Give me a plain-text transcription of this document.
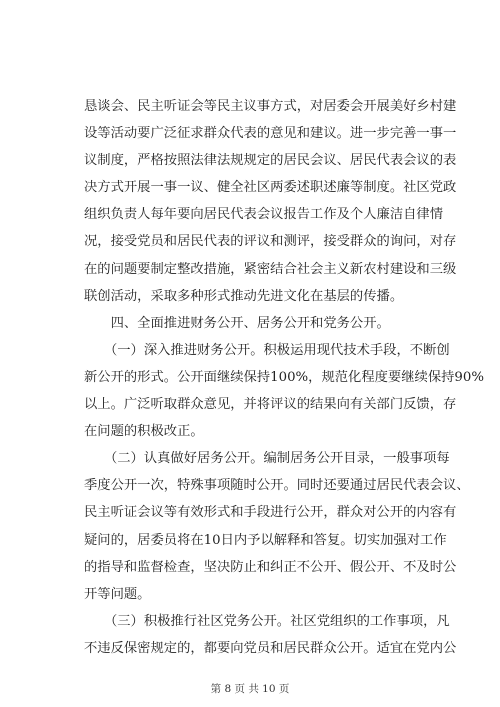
恳谈会、民主听证会等民主议事方式，对居委会开展美好乡村建

设等活动要广泛征求群众代表的意见和建议。进一步完善一事一

议制度，严格按照法律法规规定的居民会议、居民代表会议的表

决方式开展一事一议、健全社区两委述职述廉等制度。社区党政

组织负责人每年要向居民代表会议报告工作及个人廉洁自律情

况，接受党员和居民代表的评议和测评，接受群众的询问，对存

在的问题要制定整改措施，紧密结合社会主义新农村建设和三级

联创活动，采取多种形式推动先进文化在基层的传播。

　　四、全面推进财务公开、居务公开和党务公开。

　　（一）深入推进财务公开。积极运用现代技术手段，不断创

新公开的形式。公开面继续保持100%，规范化程度要继续保持90%

以上。广泛听取群众意见，并将评议的结果向有关部门反馈，存

在问题的积极改正。

　　（二）认真做好居务公开。编制居务公开目录，一般事项每

季度公开一次，特殊事项随时公开。同时还要通过居民代表会议、

民主听证会议等有效形式和手段进行公开，群众对公开的内容有

疑问的，居委员将在10日内予以解释和答复。切实加强对工作

的指导和监督检查，坚决防止和纠正不公开、假公开、不及时公

开等问题。

　　（三）积极推行社区党务公开。社区党组织的工作事项，凡

不违反保密规定的，都要向党员和居民群众公开。适宜在党内公

第 8 页 共 10 页
